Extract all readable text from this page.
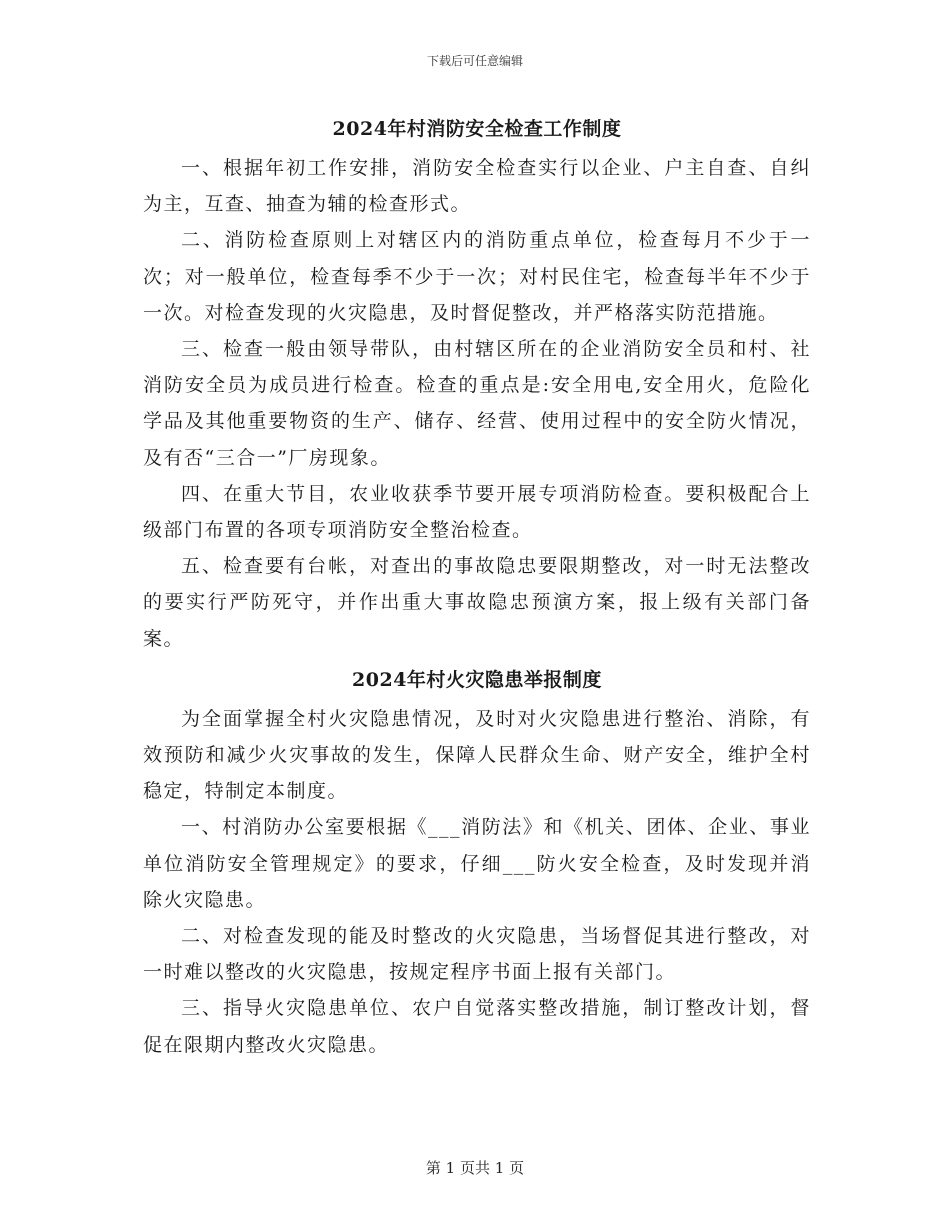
下载后可任意编辑
2024年村消防安全检查工作制度

一、根据年初工作安排，消防安全检查实行以企业、户主自查、自纠为主，互查、抽查为辅的检查形式。

二、消防检查原则上对辖区内的消防重点单位，检查每月不少于一次；对一般单位，检查每季不少于一次；对村民住宅，检查每半年不少于一次。对检查发现的火灾隐患，及时督促整改，并严格落实防范措施。

三、检查一般由领导带队，由村辖区所在的企业消防安全员和村、社消防安全员为成员进行检查。检查的重点是:安全用电,安全用火，危险化学品及其他重要物资的生产、储存、经营、使用过程中的安全防火情况，及有否“三合一”厂房现象。

四、在重大节目，农业收获季节要开展专项消防检查。要积极配合上级部门布置的各项专项消防安全整治检查。

五、检查要有台帐，对查出的事故隐忠要限期整改，对一时无法整改的要实行严防死守，并作出重大事故隐忠预演方案，报上级有关部门备案。

2024年村火灾隐患举报制度

为全面掌握全村火灾隐患情况，及时对火灾隐患进行整治、消除，有效预防和减少火灾事故的发生，保障人民群众生命、财产安全，维护全村稳定，特制定本制度。

一、村消防办公室要根据《___消防法》和《机关、团体、企业、事业单位消防安全管理规定》的要求，仔细___防火安全检查，及时发现并消除火灾隐患。

二、对检查发现的能及时整改的火灾隐患，当场督促其进行整改，对一时难以整改的火灾隐患，按规定程序书面上报有关部门。

三、指导火灾隐患单位、农户自觉落实整改措施，制订整改计划，督促在限期内整改火灾隐患。

第 1 页共 1 页
